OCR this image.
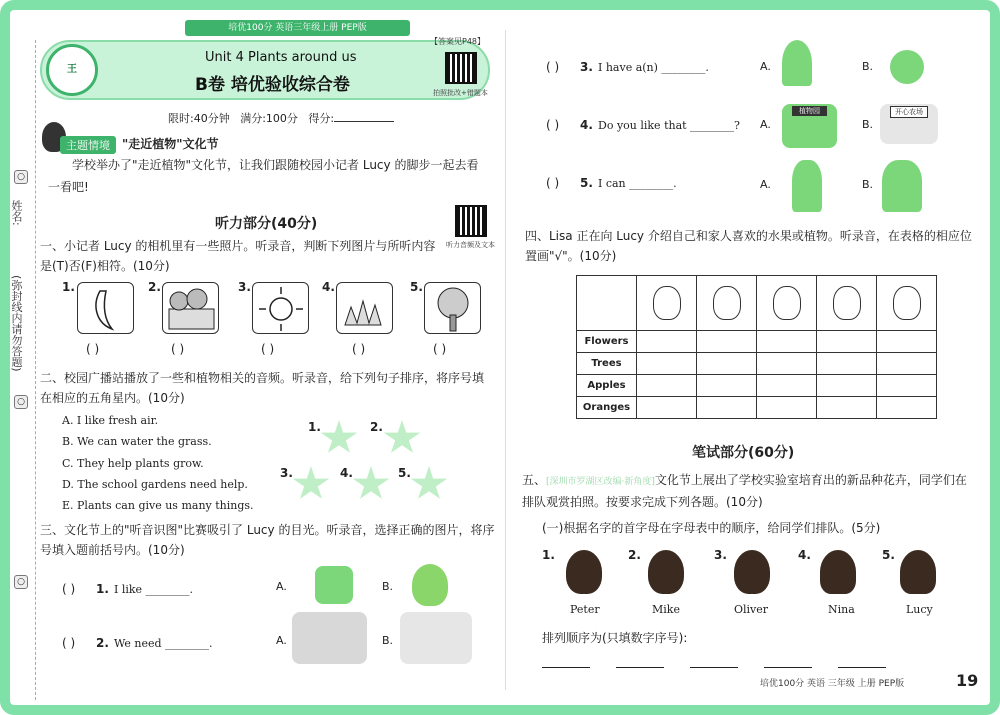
○
姓名:
(弥封线内请勿答题)
○
○
培优100分 英语三年级上册 PEP版
王
Unit 4 Plants around us
B卷 培优验收综合卷
【答案见P48】
拍照批改+错题本
限时:40分钟 满分:100分 得分:
主题情境	"走近植物"文化节
学校举办了"走近植物"文化节，让我们跟随校园小记者 Lucy 的脚步一起去看一看吧!
听力部分(40分)
听力音频及文本
一、小记者 Lucy 的相机里有一些照片。听录音，判断下列图片与所听内容是(T)否(F)相符。(10分)
1.	2.	3.	4.	5.
( )	( )	( )	( )	( )
二、校园广播站播放了一些和植物相关的音频。听录音，给下列句子排序，将序号填在相应的五角星内。(10分)
A. I like fresh air.
B. We can water the grass.
C. They help plants grow.
D. The school gardens need help.
E. Plants can give us many things.
1.	2.
3.	4.	5.
三、文化节上的"听音识图"比赛吸引了 Lucy 的目光。听录音，选择正确的图片，将序号填入题前括号内。(10分)
( ) 1. I like ________.	A.	B.
( ) 2. We need ________.	A.	B.
( ) 3. I have a(n) ________.	A.	B.
( ) 4. Do you like that ________? A.
植物园
B.
开心农场
( ) 5. I can ________.	A.	B.
四、Lisa 正在向 Lucy 介绍自己和家人喜欢的水果或植物。听录音，在表格的相应位置画"√"。(10分)

Flowers					
Trees					
Apples					
Oranges					
笔试部分(60分)
五、[深圳市罗湖区改编·新角度]文化节上展出了学校实验室培育出的新品种花卉，同学们在排队观赏拍照。按要求完成下列各题。(10分)
(一)根据名字的首字母在字母表中的顺序，给同学们排队。(5分)
1.
Peter
2.
Mike
3.
Oliver
4.
Nina
5.
Lucy
排列顺序为(只填数字序号):
培优100分 英语 三年级 上册 PEP版	19
